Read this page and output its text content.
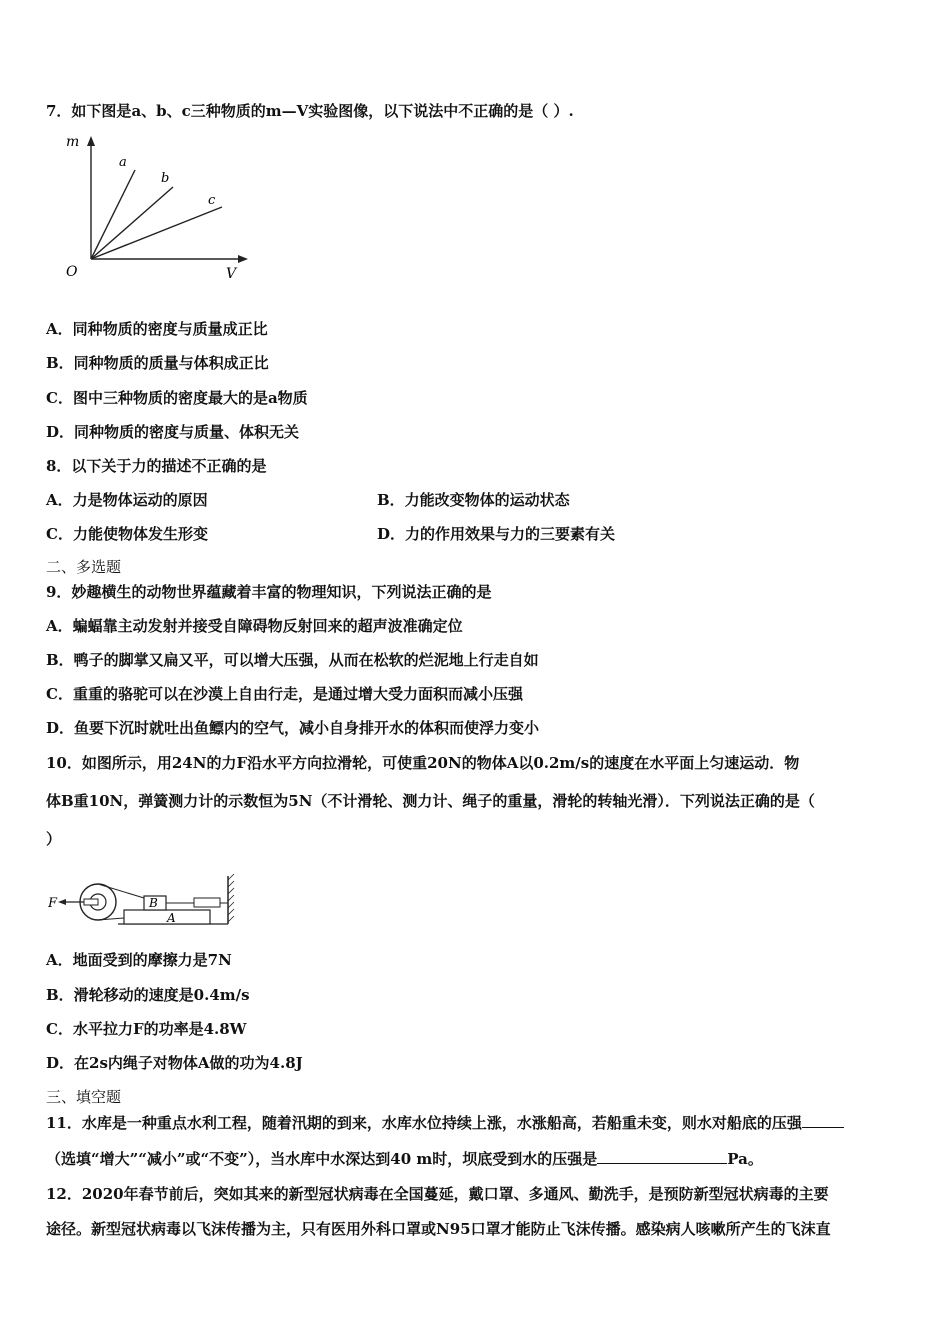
7．如下图是a、b、c三种物质的m—V实验图像，以下说法中不正确的是（ ）.
m
V
O
a
b
c
A．同种物质的密度与质量成正比
B．同种物质的质量与体积成正比
C．图中三种物质的密度最大的是a物质
D．同种物质的密度与质量、体积无关
8．以下关于力的描述不正确的是
A．力是物体运动的原因	B．力能改变物体的运动状态
C．力能使物体发生形变	D．力的作用效果与力的三要素有关
二、多选题
9．妙趣横生的动物世界蕴藏着丰富的物理知识，下列说法正确的是
A．蝙蝠靠主动发射并接受自障碍物反射回来的超声波准确定位
B．鸭子的脚掌又扁又平，可以增大压强，从而在松软的烂泥地上行走自如
C．重重的骆驼可以在沙漠上自由行走，是通过增大受力面积而减小压强
D．鱼要下沉时就吐出鱼鳔内的空气，减小自身排开水的体积而使浮力变小
10．如图所示，用24N的力F沿水平方向拉滑轮，可使重20N的物体A以0.2m/s的速度在水平面上匀速运动．物
体B重10N，弹簧测力计的示数恒为5N（不计滑轮、测力计、绳子的重量，滑轮的转轴光滑）．下列说法正确的是（
）
A
B
F
A．地面受到的摩擦力是7N
B．滑轮移动的速度是0.4m/s
C．水平拉力F的功率是4.8W
D．在2s内绳子对物体A做的功为4.8J
三、填空题
11．水库是一种重点水利工程，随着汛期的到来，水库水位持续上涨，水涨船高，若船重未变，则水对船底的压强
（选填“增大”“减小”或“不变”），当水库中水深达到40 m时，坝底受到水的压强是	Pa。
12．2020年春节前后，突如其来的新型冠状病毒在全国蔓延，戴口罩、多通风、勤洗手，是预防新型冠状病毒的主要
途径。新型冠状病毒以飞沫传播为主，只有医用外科口罩或N95口罩才能防止飞沫传播。感染病人咳嗽所产生的飞沫直
